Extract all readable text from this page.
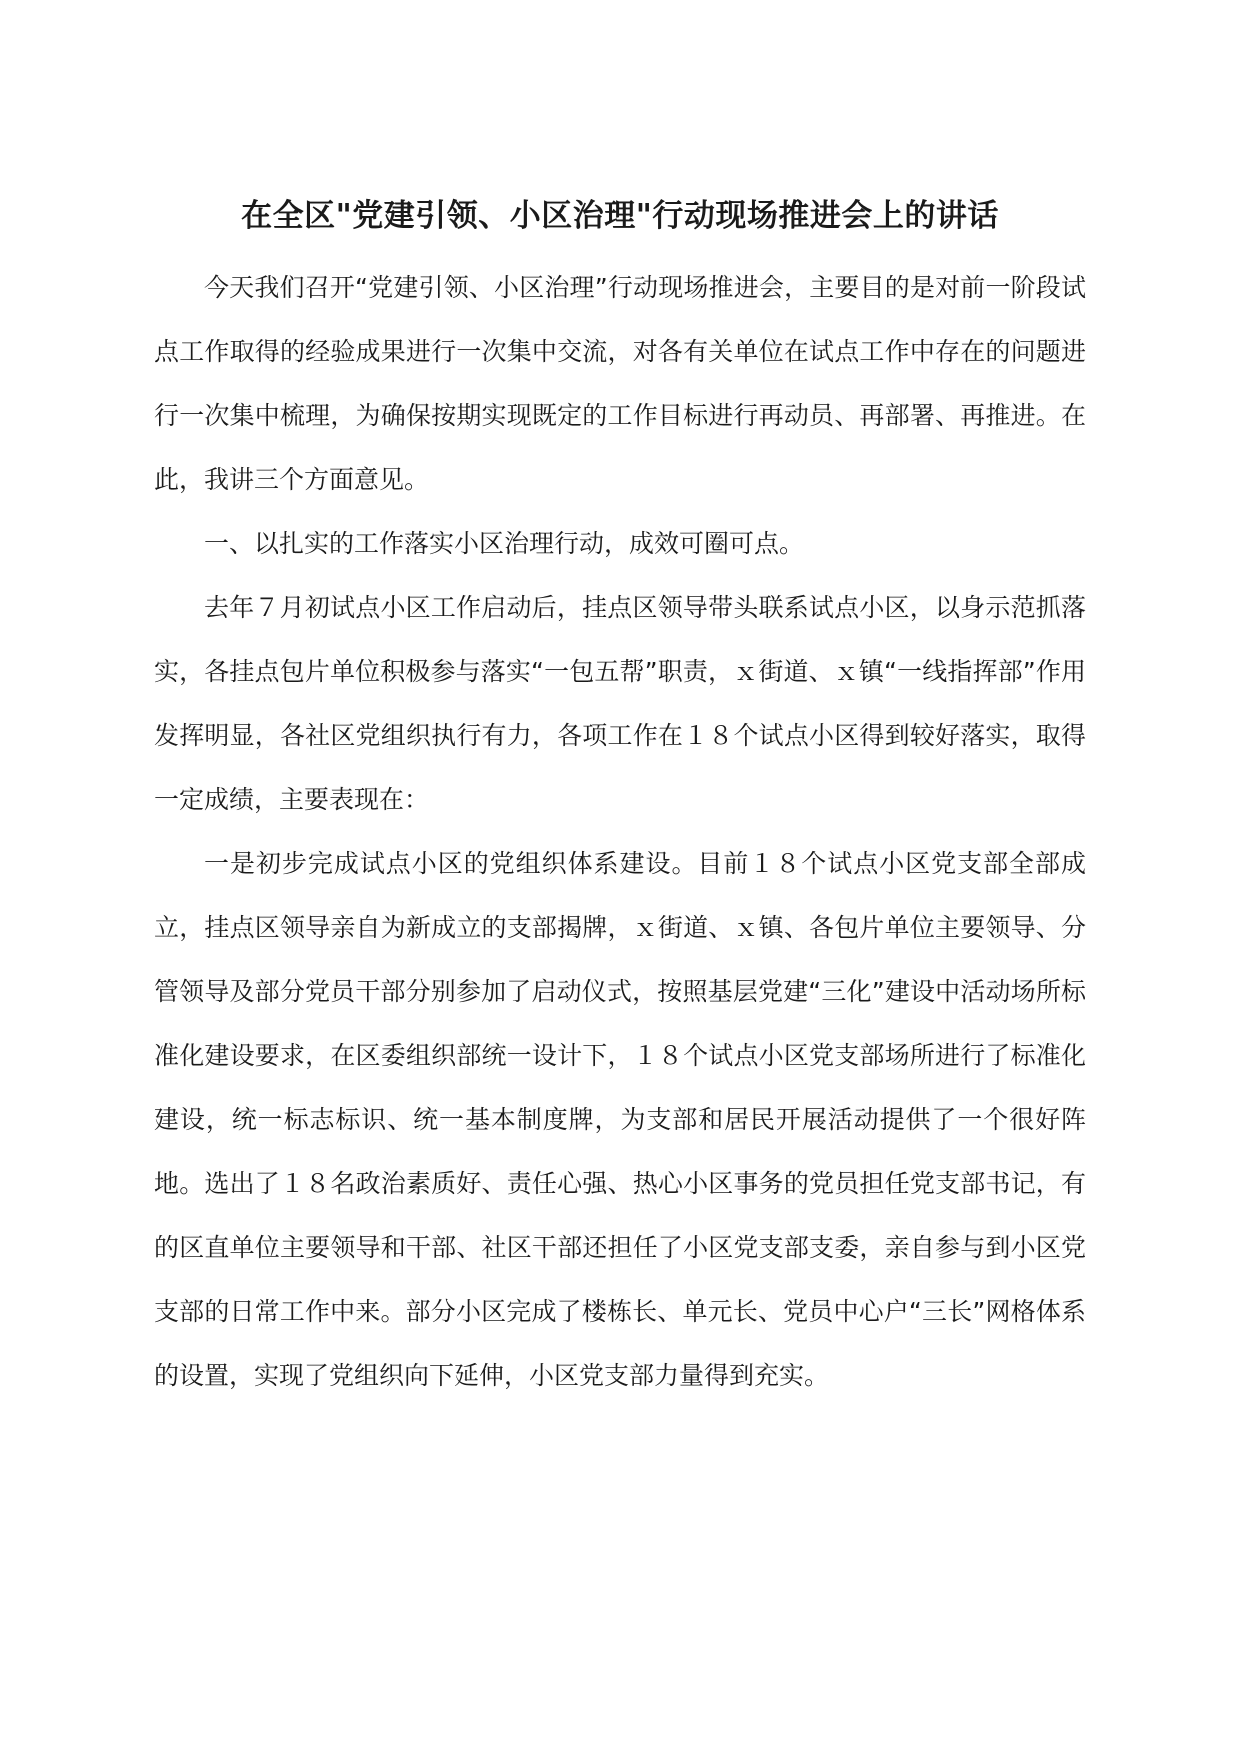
在全区"党建引领、小区治理"行动现场推进会上的讲话

今天我们召开“党建引领、小区治理”行动现场推进会，主要目的是对前一阶段试点工作取得的经验成果进行一次集中交流，对各有关单位在试点工作中存在的问题进行一次集中梳理，为确保按期实现既定的工作目标进行再动员、再部署、再推进。在此，我讲三个方面意见。

一、以扎实的工作落实小区治理行动，成效可圈可点。

去年７月初试点小区工作启动后，挂点区领导带头联系试点小区，以身示范抓落实，各挂点包片单位积极参与落实“一包五帮”职责，ｘ街道、ｘ镇“一线指挥部”作用发挥明显，各社区党组织执行有力，各项工作在１８个试点小区得到较好落实，取得一定成绩，主要表现在：

一是初步完成试点小区的党组织体系建设。目前１８个试点小区党支部全部成立，挂点区领导亲自为新成立的支部揭牌，ｘ街道、ｘ镇、各包片单位主要领导、分管领导及部分党员干部分别参加了启动仪式，按照基层党建“三化”建设中活动场所标准化建设要求，在区委组织部统一设计下，１８个试点小区党支部场所进行了标准化建设，统一标志标识、统一基本制度牌，为支部和居民开展活动提供了一个很好阵地。选出了１８名政治素质好、责任心强、热心小区事务的党员担任党支部书记，有的区直单位主要领导和干部、社区干部还担任了小区党支部支委，亲自参与到小区党支部的日常工作中来。部分小区完成了楼栋长、单元长、党员中心户“三长”网格体系的设置，实现了党组织向下延伸，小区党支部力量得到充实。
